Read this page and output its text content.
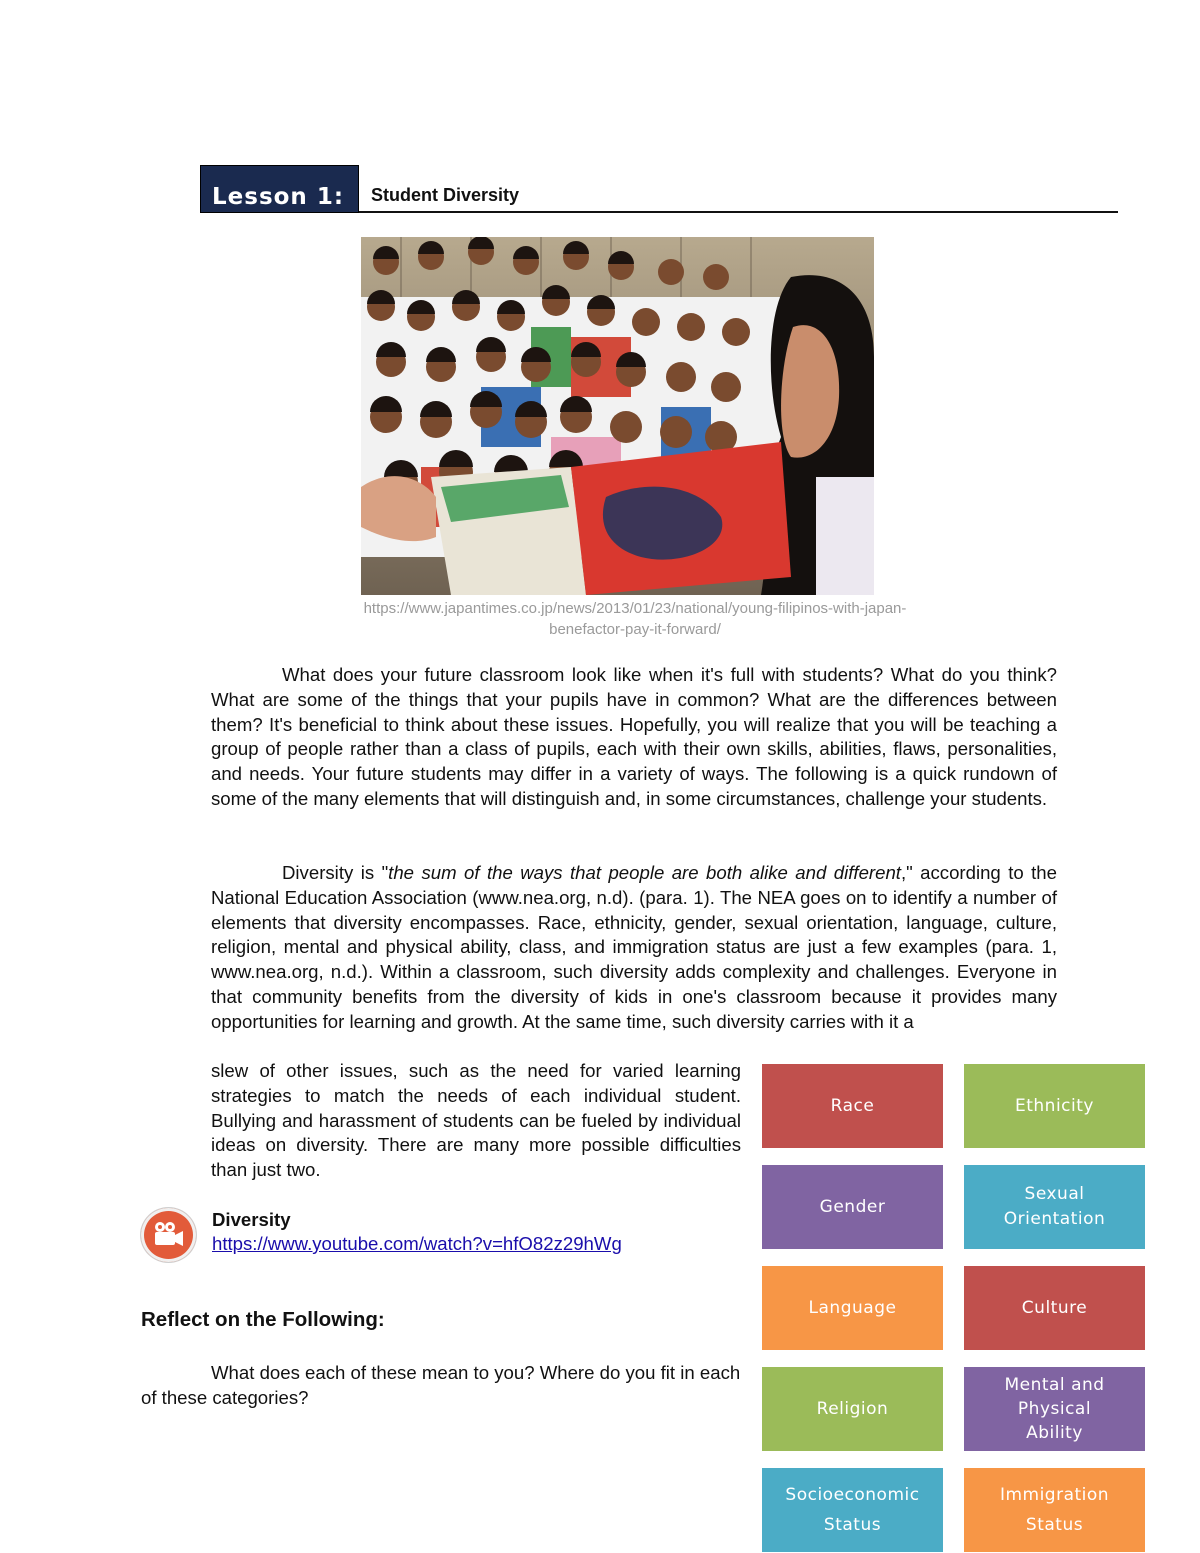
Lesson 1:	Student Diversity
https://www.japantimes.co.jp/news/2013/01/23/national/young-filipinos-with-japan-benefactor-pay-it-forward/

What does your future classroom look like when it's full with students? What do you think? What are some of the things that your pupils have in common? What are the differences between them? It's beneficial to think about these issues. Hopefully, you will realize that you will be teaching a group of people rather than a class of pupils, each with their own skills, abilities, flaws, personalities, and needs. Your future students may differ in a variety of ways. The following is a quick rundown of some of the many elements that will distinguish and, in some circumstances, challenge your students.

Diversity is "the sum of the ways that people are both alike and different," according to the National Education Association (www.nea.org, n.d). (para. 1). The NEA goes on to identify a number of elements that diversity encompasses. Race, ethnicity, gender, sexual orientation, language, culture, religion, mental and physical ability, class, and immigration status are just a few examples (para. 1, www.nea.org, n.d.). Within a classroom, such diversity adds complexity and challenges. Everyone in that community benefits from the diversity of kids in one's classroom because it provides many opportunities for learning and growth. At the same time, such diversity carries with it a

slew of other issues, such as the need for varied learning strategies to match the needs of each individual student. Bullying and harassment of students can be fueled by individual ideas on diversity. There are many more possible difficulties than just two.

Diversity
https://www.youtube.com/watch?v=hfO82z29hWg
Reflect on the Following:
What does each of these mean to you? Where do you fit in each of these categories?
Race	Ethnicity
Gender
Sexual Orientation
Language	Culture
Religion
Mental and Physical Ability
Socioeconomic Status
Immigration Status
